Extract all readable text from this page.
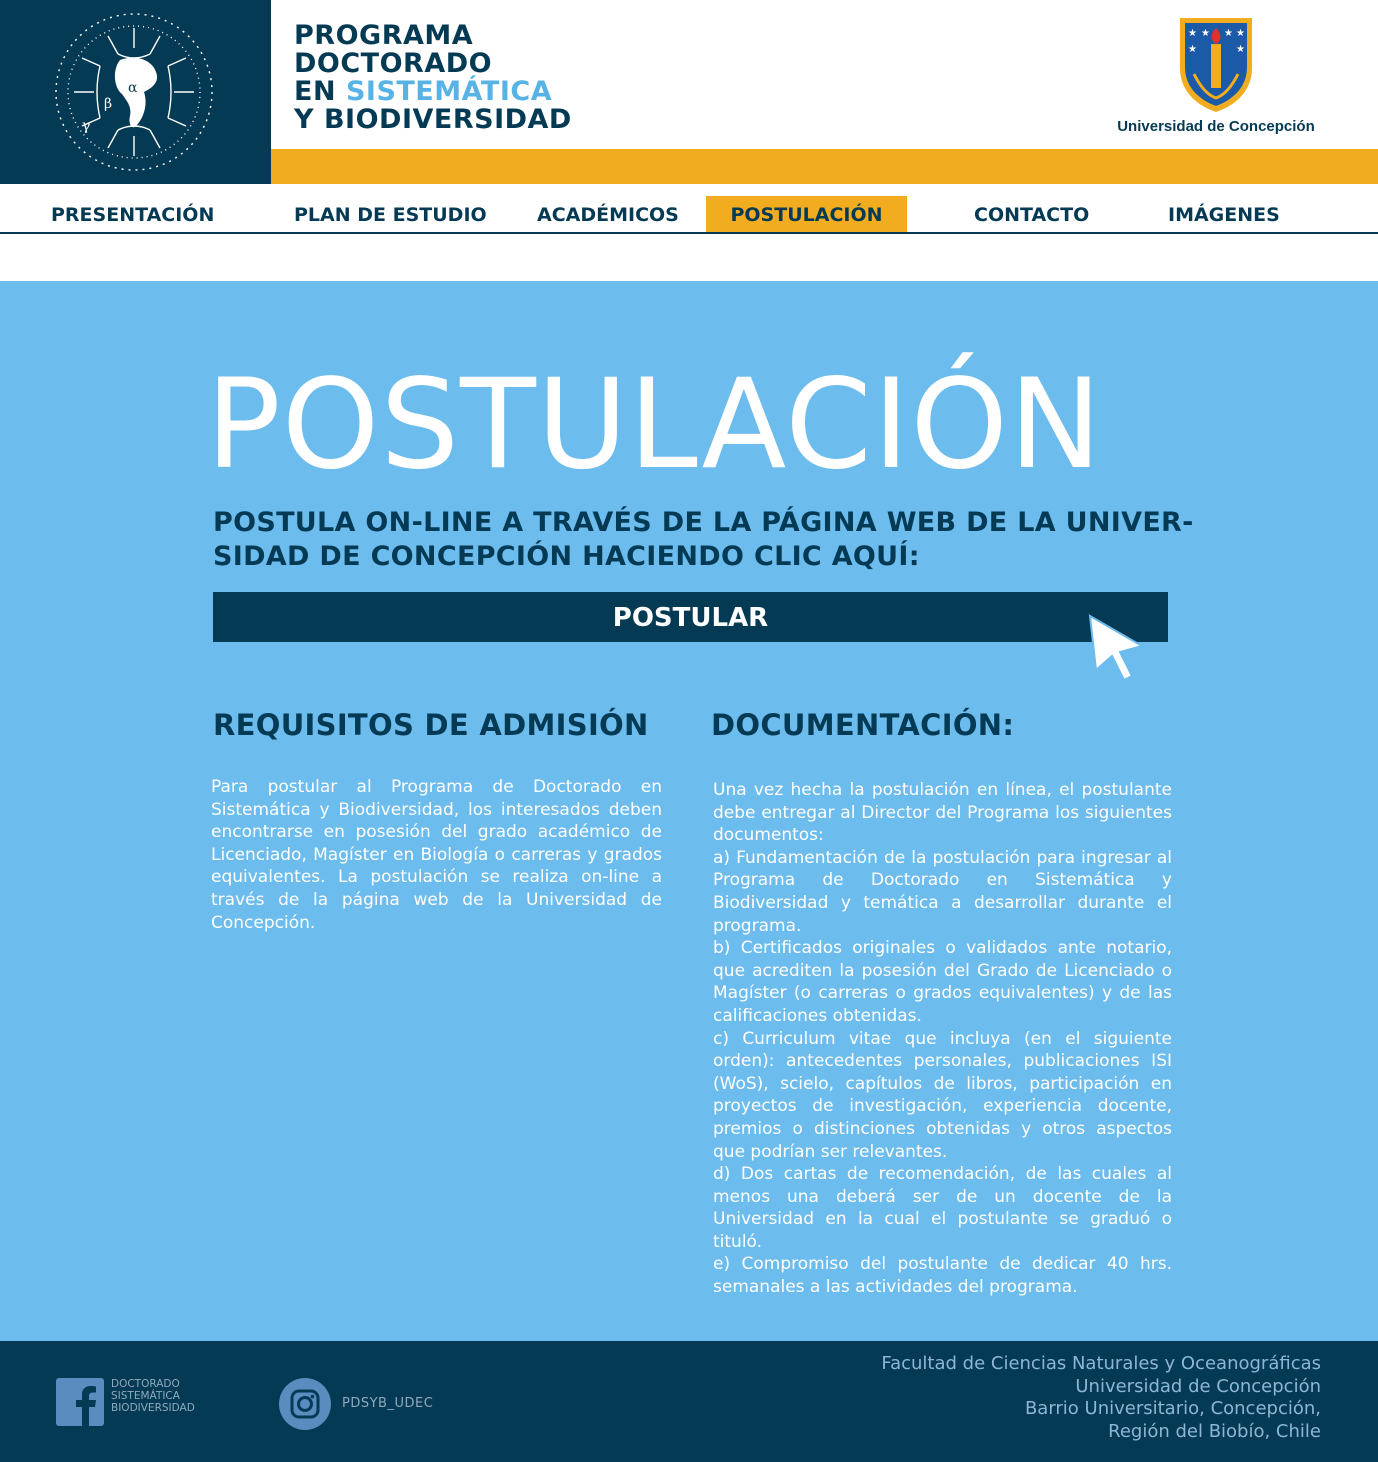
α
β
γ
PROGRAMA
DOCTORADO
EN SISTEMÁTICA
Y BIODIVERSIDAD
★ ★ ★ ★
★	★
Universidad de Concepción
PRESENTACIÓN	PLAN DE ESTUDIO	ACADÉMICOS	POSTULACIÓN	CONTACTO	IMÁGENES
POSTULACIÓN
POSTULA ON-LINE A TRAVÉS DE LA PÁGINA WEB DE LA UNIVER-
SIDAD DE CONCEPCIÓN HACIENDO CLIC AQUÍ:
POSTULAR
REQUISITOS DE ADMISIÓN
Para postular al Programa de Doctorado en Sistemática y Biodiversidad, los interesados deben encontrarse en posesión del grado académico de Licenciado, Magíster en Biología o carreras y grados equivalentes. La postulación se realiza on-line a través de la página web de la Universidad de Concepción.
DOCUMENTACIÓN:

Una vez hecha la postulación en línea, el postulante debe entregar al Director del Programa los siguientes documentos:

a) Fundamentación de la postulación para ingresar al Programa de Doctorado en Sistemática y Biodiversidad y temática a desarrollar durante el programa.

b) Certificados originales o validados ante notario, que acrediten la posesión del Grado de Licenciado o Magíster (o carreras o grados equivalentes) y de las calificaciones obtenidas.

c) Curriculum vitae que incluya (en el siguiente orden): antecedentes personales, publicaciones ISI (WoS), scielo, capítulos de libros, participación en proyectos de investigación, experiencia docente, premios o distinciones obtenidas y otros aspectos que podrían ser relevantes.

d) Dos cartas de recomendación, de las cuales al menos una deberá ser de un docente de la Universidad en la cual el postulante se graduó o tituló.

e) Compromiso del postulante de dedicar 40 hrs. semanales a las actividades del programa.

DOCTORADO
SISTEMÁTICA
BIODIVERSIDAD	PDSYB_UDEC
Facultad de Ciencias Naturales y Oceanográficas
Universidad de Concepción
Barrio Universitario, Concepción,
Región del Biobío, Chile
